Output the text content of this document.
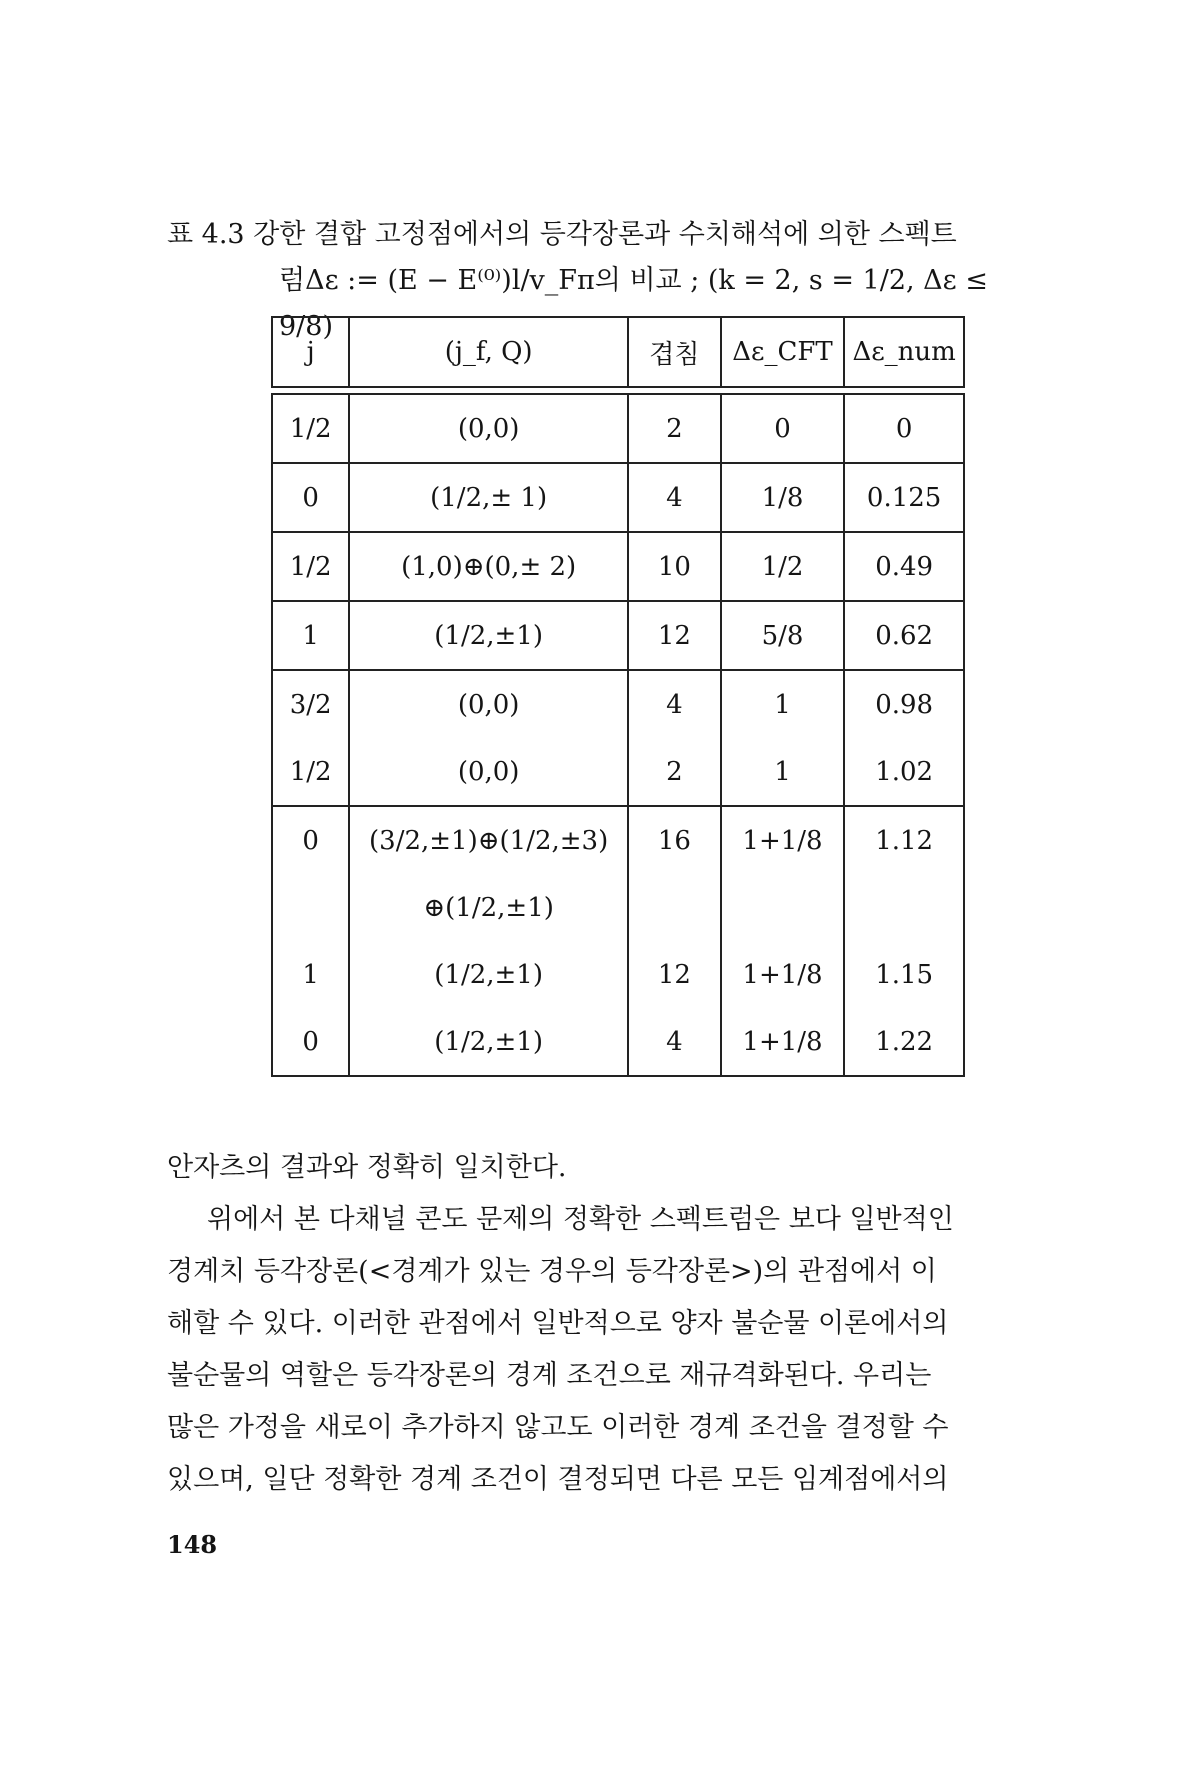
표 4.3 강한 결합 고정점에서의 등각장론과 수치해석에 의한 스펙트
럼Δε := (E − E⁽⁰⁾)l/v_Fπ의 비교 ; (k = 2, s = 1/2, Δε ≤ 9/8)
j	(j_f, Q)	겹침	Δε_CFT	Δε_num

1/2	(0,0)	2	0	0
0	(1/2,± 1)	4	1/8	0.125
1/2	(1,0)⊕(0,± 2)	10	1/2	0.49
1	(1/2,±1)	12	5/8	0.62
3/2	(0,0)	4	1	0.98
1/2	(0,0)	2	1	1.02
0	(3/2,±1)⊕(1/2,±3)	16	1+1/8	1.12
	⊕(1/2,±1)			
1	(1/2,±1)	12	1+1/8	1.15
0	(1/2,±1)	4	1+1/8	1.22

안자츠의 결과와 정확히 일치한다.

위에서 본 다채널 콘도 문제의 정확한 스펙트럼은 보다 일반적인

경계치 등각장론(<경계가 있는 경우의 등각장론>)의 관점에서 이

해할 수 있다. 이러한 관점에서 일반적으로 양자 불순물 이론에서의

불순물의 역할은 등각장론의 경계 조건으로 재규격화된다. 우리는

많은 가정을 새로이 추가하지 않고도 이러한 경계 조건을 결정할 수

있으며, 일단 정확한 경계 조건이 결정되면 다른 모든 임계점에서의

148
